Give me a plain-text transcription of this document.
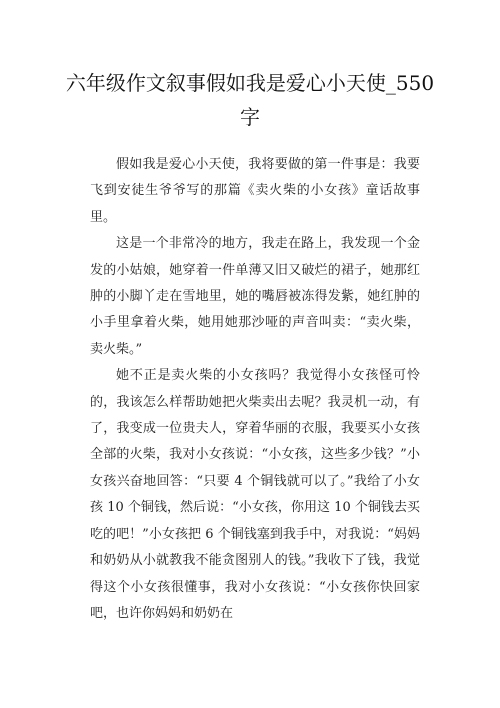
六年级作文叙事假如我是爱心小天使_550字

假如我是爱心小天使，我将要做的第一件事是：我要飞到安徒生爷爷写的那篇《卖火柴的小女孩》童话故事里。

这是一个非常冷的地方，我走在路上，我发现一个金发的小姑娘，她穿着一件单薄又旧又破烂的裙子，她那红肿的小脚丫走在雪地里，她的嘴唇被冻得发紫，她红肿的小手里拿着火柴，她用她那沙哑的声音叫卖：“卖火柴，卖火柴。”

她不正是卖火柴的小女孩吗？我觉得小女孩怪可怜的，我该怎么样帮助她把火柴卖出去呢？我灵机一动，有了，我变成一位贵夫人，穿着华丽的衣服，我要买小女孩全部的火柴，我对小女孩说：“小女孩，这些多少钱？”小女孩兴奋地回答：“只要 4 个铜钱就可以了。”我给了小女孩 10 个铜钱，然后说：“小女孩，你用这 10 个铜钱去买吃的吧！”小女孩把 6 个铜钱塞到我手中，对我说：“妈妈和奶奶从小就教我不能贪图别人的钱。”我收下了钱，我觉得这个小女孩很懂事，我对小女孩说：“小女孩你快回家吧，也许你妈妈和奶奶在
